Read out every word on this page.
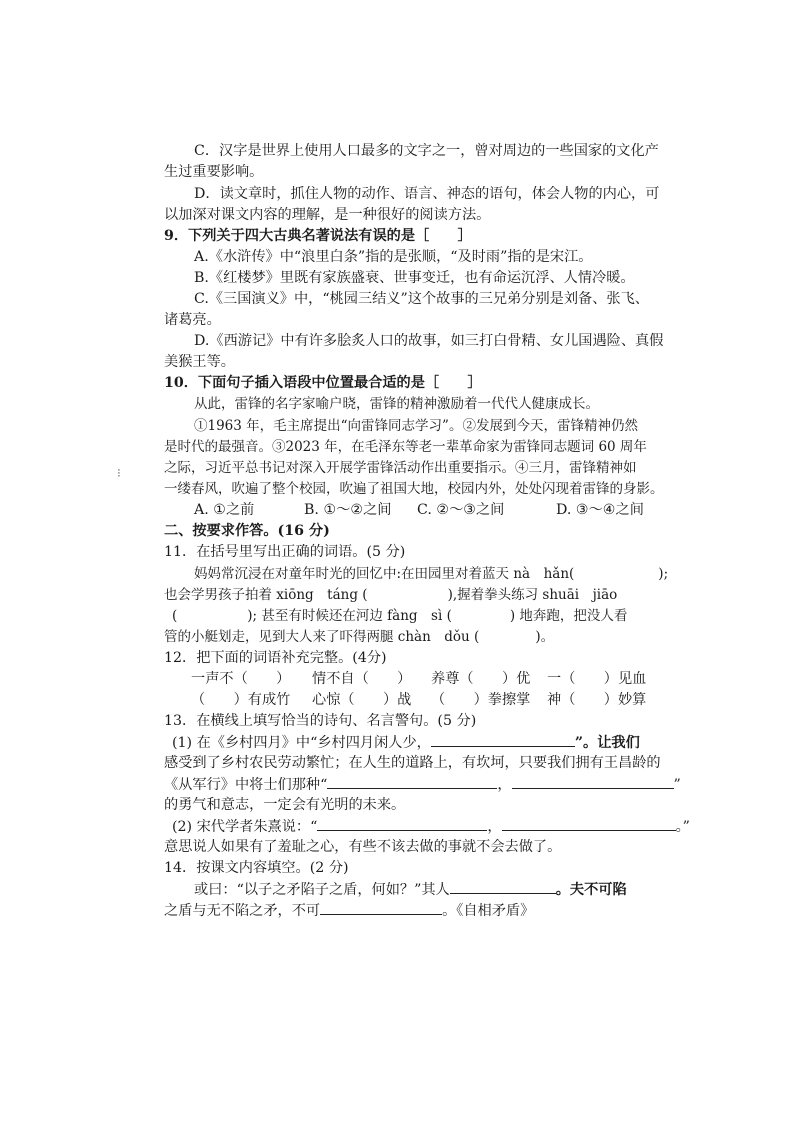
C．汉字是世界上使用人口最多的文字之一，曾对周边的一些国家的文化产
生过重要影响。
D．读文章时，抓住人物的动作、语言、神态的语句，体会人物的内心，可
以加深对课文内容的理解，是一种很好的阅读方法。
9．下列关于四大古典名著说法有误的是［　　］
A.《水浒传》中“浪里白条”指的是张顺，“及时雨”指的是宋江。
B.《红楼梦》里既有家族盛衰、世事变迁，也有命运沉浮、人情冷暖。
C.《三国演义》中，“桃园三结义”这个故事的三兄弟分别是刘备、张飞、
诸葛亮。
D.《西游记》中有许多脍炙人口的故事，如三打白骨精、女儿国遇险、真假
美猴王等。
10．下面句子插入语段中位置最合适的是［　　］
从此，雷锋的名字家喻户晓，雷锋的精神激励着一代代人健康成长。
①1963 年，毛主席提出“向雷锋同志学习”。②发展到今天，雷锋精神仍然
是时代的最强音。③2023 年，在毛泽东等老一辈革命家为雷锋同志题词 60 周年
之际，习近平总书记对深入开展学雷锋活动作出重要指示。④三月，雷锋精神如
一缕春风，吹遍了整个校园，吹遍了祖国大地，校园内外，处处闪现着雷锋的身影。
A. ①之前	B. ①～②之间 C. ②～③之间	D. ③～④之间
二、按要求作答。(16 分)
11．在括号里写出正确的词语。(5 分)
妈妈常沉浸在对童年时光的回忆中:在田园里对着蓝天 nà　hǎn(	);
也会学男孩子拍着 xiōng　táng (	),握着拳头练习 shuāi　jiāo
(	); 甚至有时候还在河边 fàng　sì (	) 地奔跑，把没人看
管的小艇划走，见到大人来了吓得两腿 chàn　dǒu (	)。
12．把下面的词语补充完整。(4分)
一声不（　　） 情不自（　　） 养尊（　　）优 一（　　）见血
（　　）有成竹 心惊（　　）战 （　　）拳擦掌 神（　　）妙算
13．在横线上填写恰当的诗句、名言警句。(5 分)
(1) 在《乡村四月》中“乡村四月闲人少，	”。让我们
感受到了乡村农民劳动繁忙；在人生的道路上，有坎坷，只要我们拥有王昌龄的
《从军行》中将士们那种“	，	”
的勇气和意志，一定会有光明的未来。
(2) 宋代学者朱熹说：“	，	。”
意思说人如果有了羞耻之心，有些不该去做的事就不会去做了。
14．按课文内容填空。(2 分)
或曰：“以子之矛陷子之盾，何如？”其人	。夫不可陷
之盾与无不陷之矛，不可	。《自相矛盾》
⁝
